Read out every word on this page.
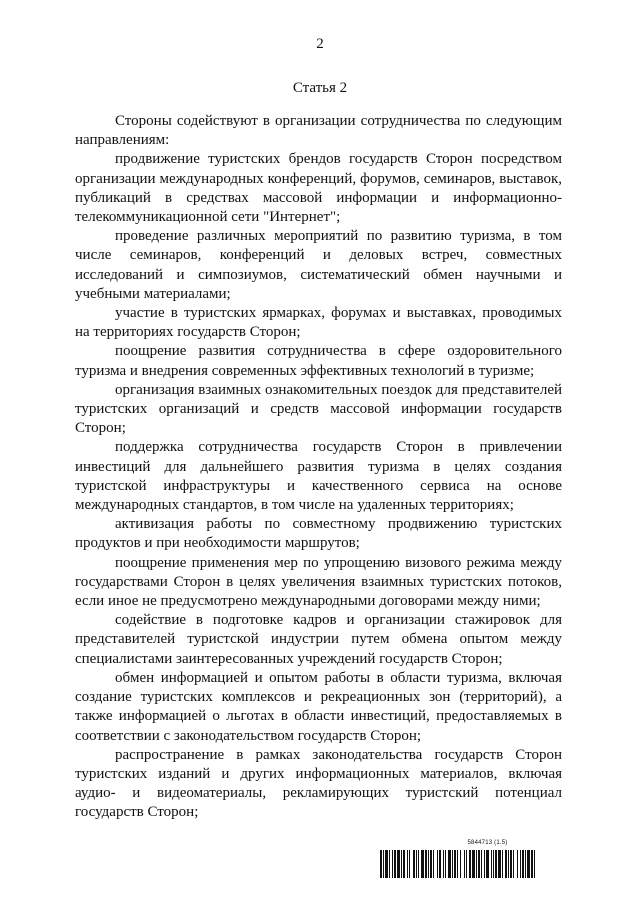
2
Статья 2

Стороны содействуют в организации сотрудничества по следующим направлениям:

продвижение туристских брендов государств Сторон посредством организации международных конференций, форумов, семинаров, выставок, публикаций в средствах массовой информации и информационно-телекоммуникационной сети "Интернет";

проведение различных мероприятий по развитию туризма, в том числе семинаров, конференций и деловых встреч, совместных исследований и симпозиумов, систематический обмен научными и учебными материалами;

участие в туристских ярмарках, форумах и выставках, проводимых на территориях государств Сторон;

поощрение развития сотрудничества в сфере оздоровительного туризма и внедрения современных эффективных технологий в туризме;

организация взаимных ознакомительных поездок для представителей туристских организаций и средств массовой информации государств Сторон;

поддержка сотрудничества государств Сторон в привлечении инвестиций для дальнейшего развития туризма в целях создания туристской инфраструктуры и качественного сервиса на основе международных стандартов, в том числе на удаленных территориях;

активизация работы по совместному продвижению туристских продуктов и при необходимости маршрутов;

поощрение применения мер по упрощению визового режима между государствами Сторон в целях увеличения взаимных туристских потоков, если иное не предусмотрено международными договорами между ними;

содействие в подготовке кадров и организации стажировок для представителей туристской индустрии путем обмена опытом между специалистами заинтересованных учреждений государств Сторон;

обмен информацией и опытом работы в области туризма, включая создание туристских комплексов и рекреационных зон (территорий), а также информацией о льготах в области инвестиций, предоставляемых в соответствии с законодательством государств Сторон;

распространение в рамках законодательства государств Сторон туристских изданий и других информационных материалов, включая аудио- и видеоматериалы, рекламирующих туристский потенциал государств Сторон;

5844713 (1.5)
